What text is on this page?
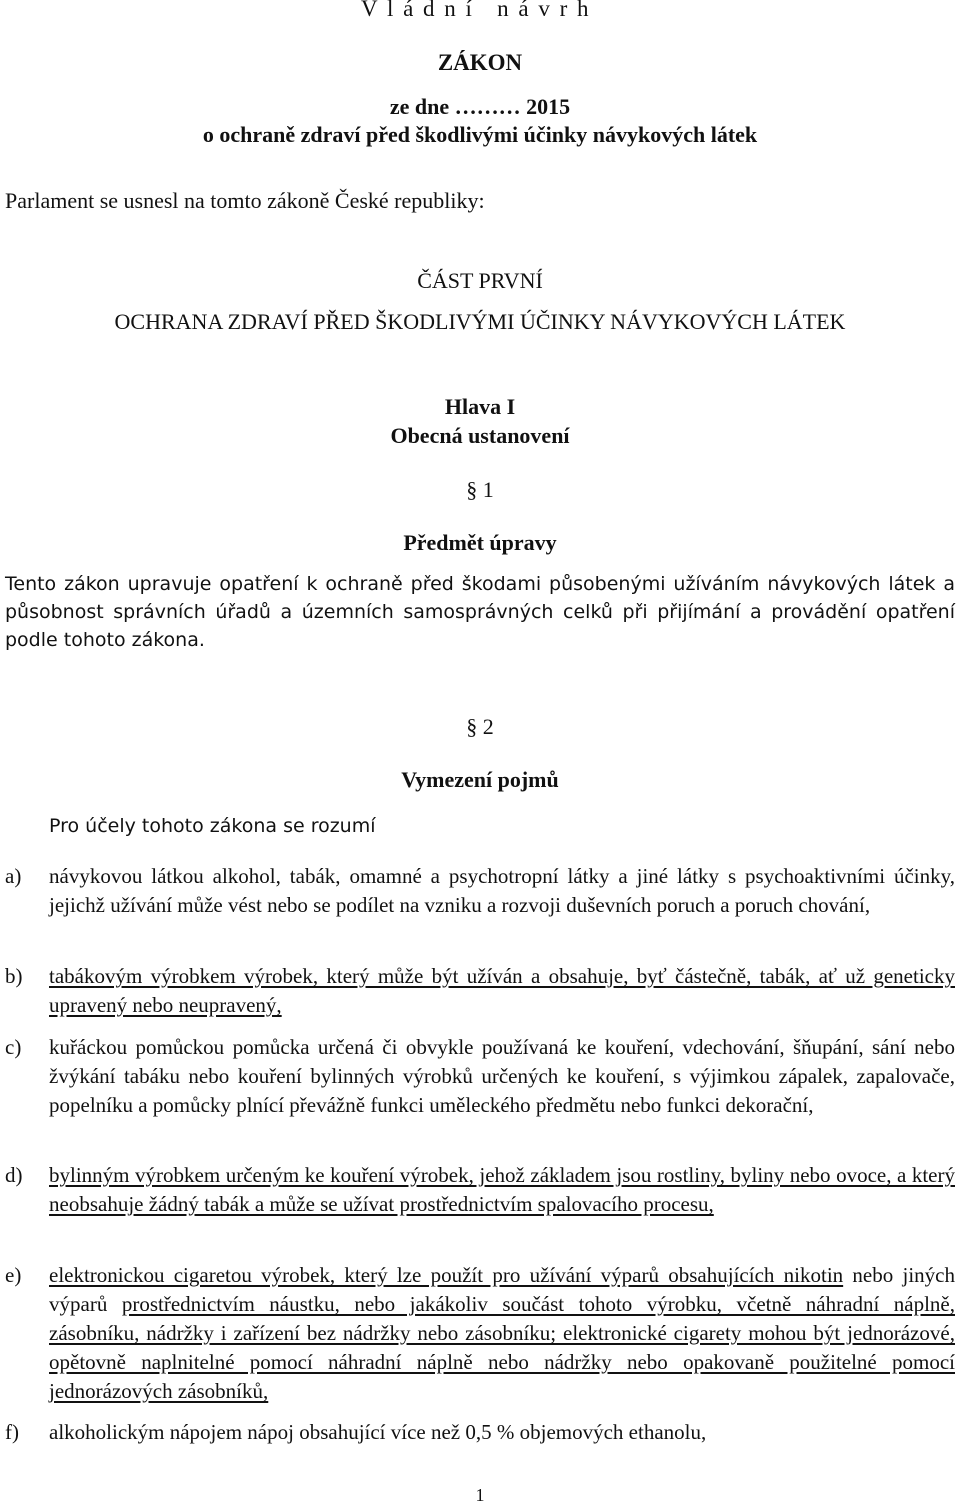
V l á d n í   n á v r h
ZÁKON
ze dne ……… 2015
o ochraně zdraví před škodlivými účinky návykových látek
Parlament se usnesl na tomto zákoně České republiky:
ČÁST PRVNÍ
OCHRANA ZDRAVÍ PŘED ŠKODLIVÝMI ÚČINKY NÁVYKOVÝCH LÁTEK
Hlava I
Obecná ustanovení
§ 1
Předmět úpravy

Tento zákon upravuje opatření k ochraně před škodami působenými užíváním návykových látek a působnost správních úřadů a územních samosprávných celků při přijímání a provádění opatření podle tohoto zákona.

§ 2
Vymezení pojmů
Pro účely tohoto zákona se rozumí
a) návykovou látkou alkohol, tabák, omamné a psychotropní látky a jiné látky s psychoaktivními účinky, jejichž užívání může vést nebo se podílet na vzniku a rozvoji duševních poruch a poruch chování,

b) tabákovým výrobkem výrobek, který může být užíván a obsahuje, byť částečně, tabák, ať už geneticky upravený nebo neupravený,

c) kuřáckou pomůckou pomůcka určená či obvykle používaná ke kouření, vdechování, šňupání, sání nebo žvýkání tabáku nebo kouření bylinných výrobků určených ke kouření, s výjimkou zápalek, zapalovače, popelníku a pomůcky plnící převážně funkci uměleckého předmětu nebo funkci dekorační,

d) bylinným výrobkem určeným ke kouření výrobek, jehož základem jsou rostliny, byliny nebo ovoce, a který neobsahuje žádný tabák a může se užívat prostřednictvím spalovacího procesu,

e) elektronickou cigaretou výrobek, který lze použít pro užívání výparů obsahujících nikotin nebo jiných výparů prostřednictvím náustku, nebo jakákoliv součást tohoto výrobku, včetně náhradní náplně, zásobníku, nádržky i zařízení bez nádržky nebo zásobníku; elektronické cigarety mohou být jednorázové, opětovně naplnitelné pomocí náhradní náplně nebo nádržky nebo opakovaně použitelné pomocí jednorázových zásobníků,

f) alkoholickým nápojem nápoj obsahující více než 0,5 % objemových ethanolu,

1
